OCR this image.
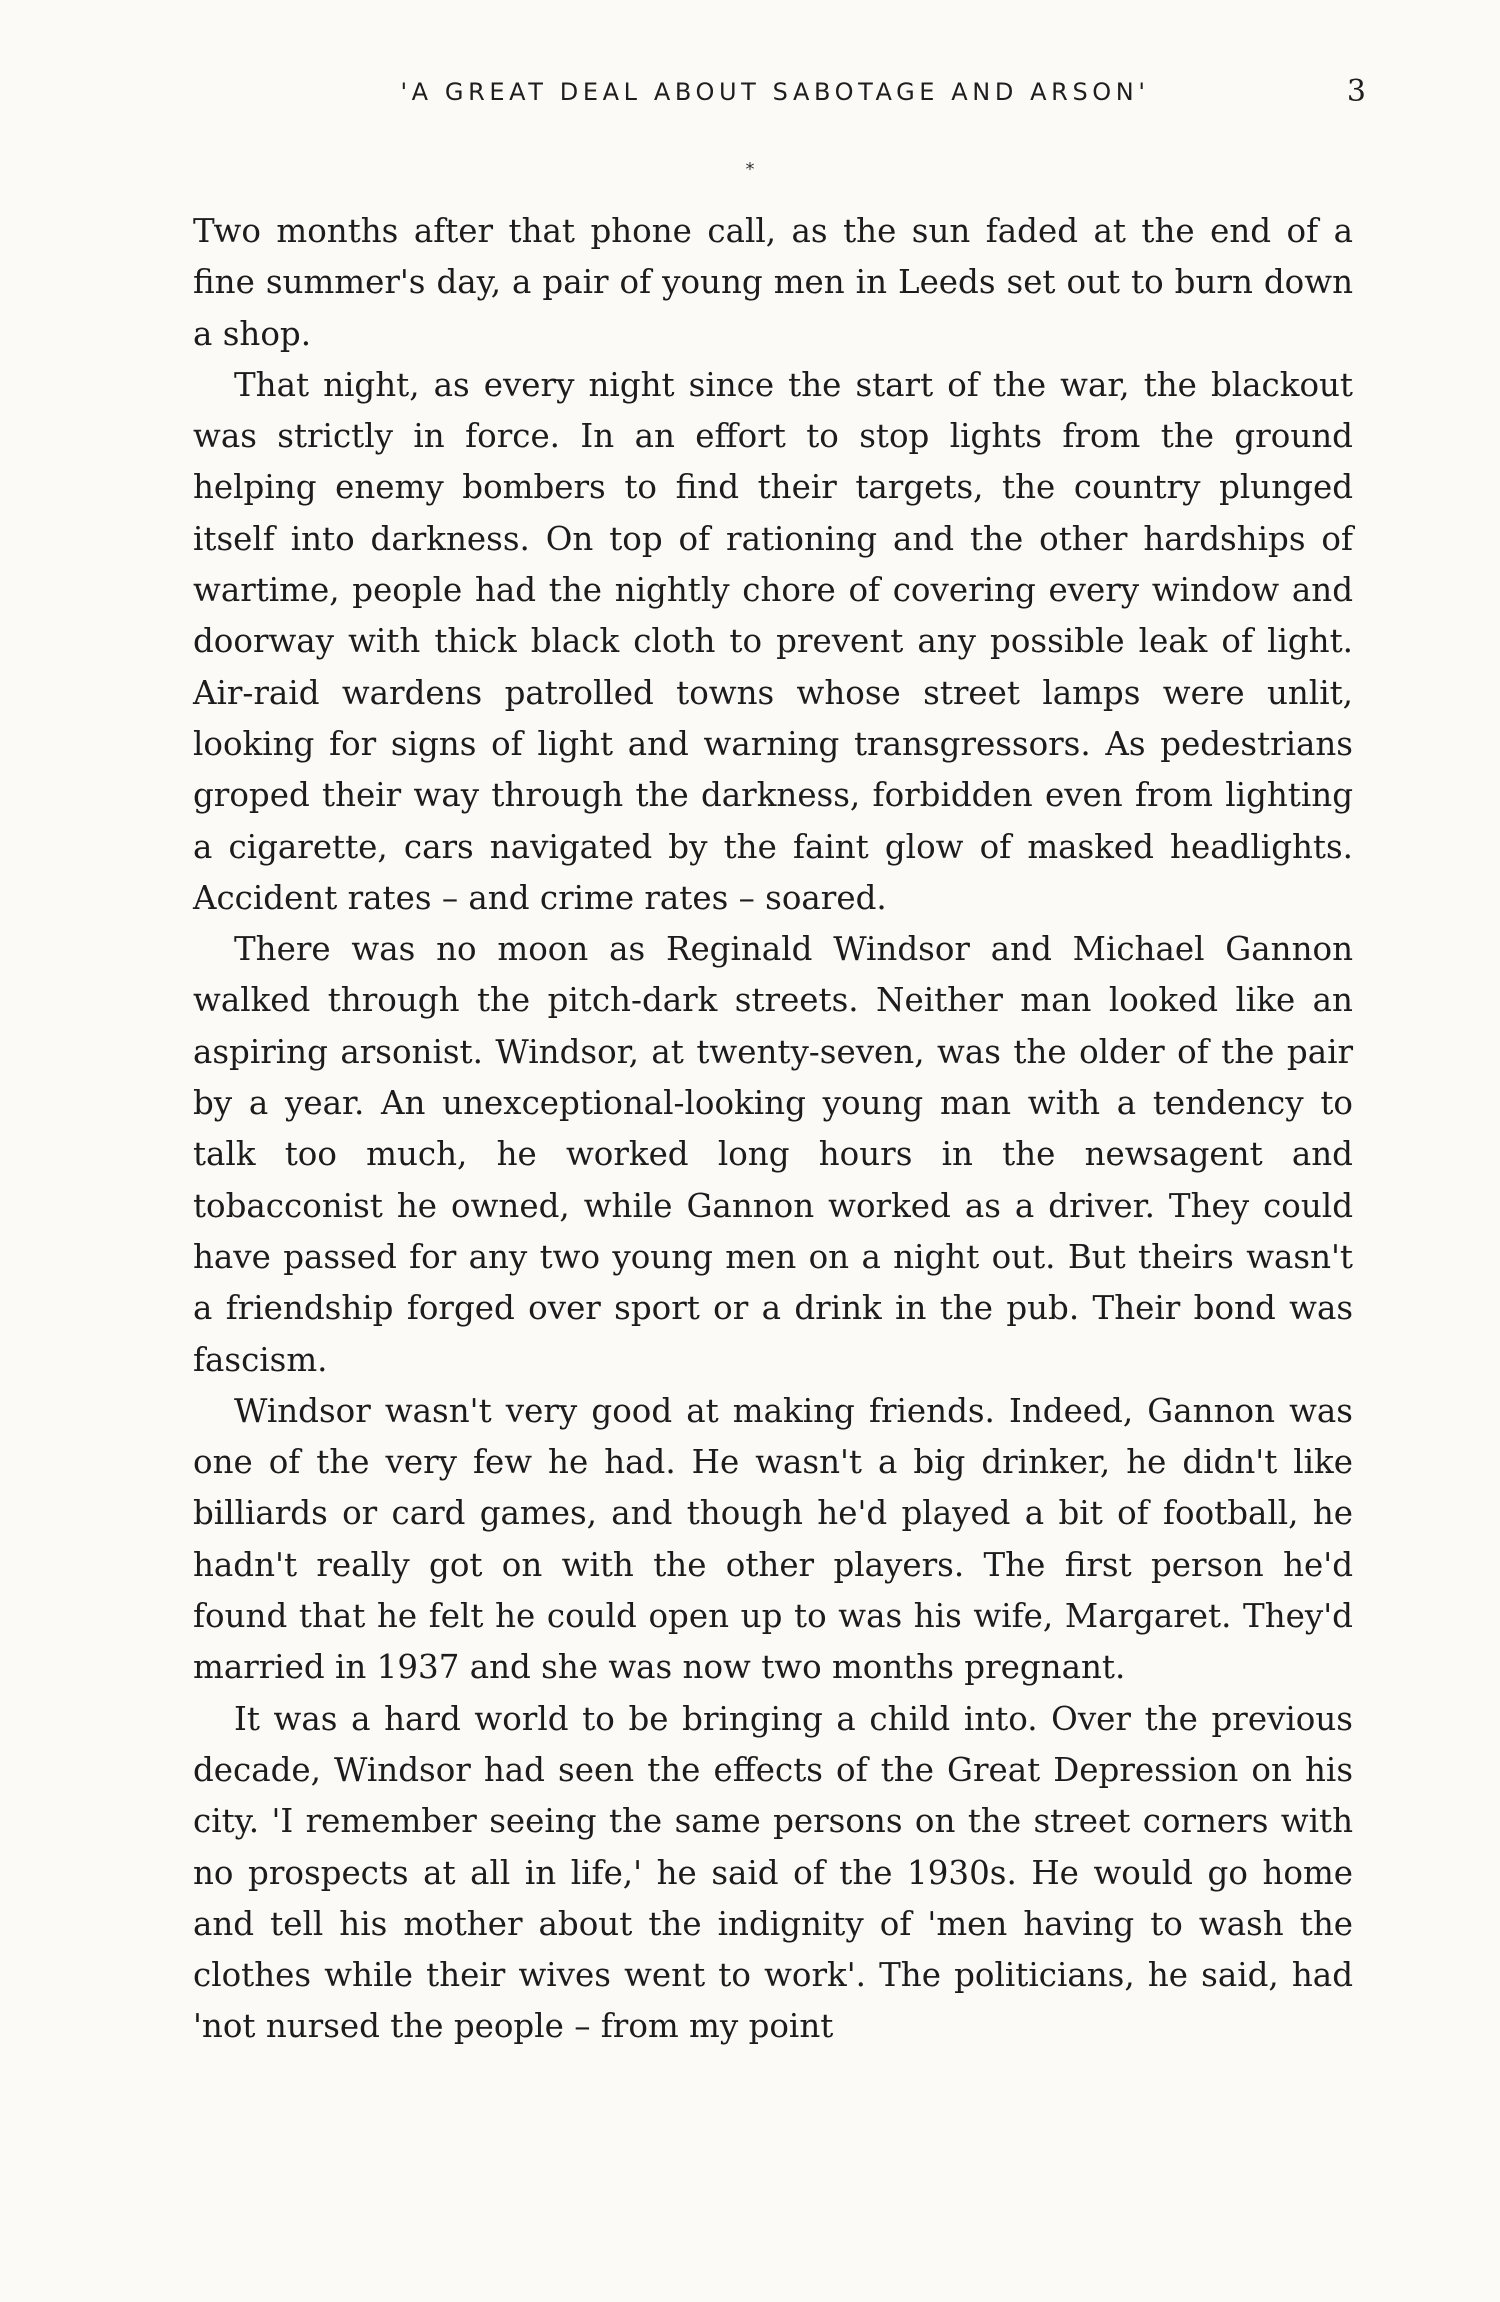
'A GREAT DEAL ABOUT SABOTAGE AND ARSON'	3
*

Two months after that phone call, as the sun faded at the end of a fine summer's day, a pair of young men in Leeds set out to burn down a shop.

That night, as every night since the start of the war, the blackout was strictly in force. In an effort to stop lights from the ground helping enemy bombers to find their targets, the country plunged itself into darkness. On top of rationing and the other hardships of wartime, people had the nightly chore of covering every window and doorway with thick black cloth to prevent any possible leak of light. Air-raid wardens patrolled towns whose street lamps were unlit, looking for signs of light and warning transgressors. As pedestrians groped their way through the darkness, forbidden even from lighting a cigarette, cars navigated by the faint glow of masked headlights. Accident rates – and crime rates – soared.

There was no moon as Reginald Windsor and Michael Gannon walked through the pitch-dark streets. Neither man looked like an aspiring arsonist. Windsor, at twenty-seven, was the older of the pair by a year. An unexceptional-looking young man with a tendency to talk too much, he worked long hours in the newsagent and tobacconist he owned, while Gannon worked as a driver. They could have passed for any two young men on a night out. But theirs wasn't a friendship forged over sport or a drink in the pub. Their bond was fascism.

Windsor wasn't very good at making friends. Indeed, Gannon was one of the very few he had. He wasn't a big drinker, he didn't like billiards or card games, and though he'd played a bit of football, he hadn't really got on with the other players. The first person he'd found that he felt he could open up to was his wife, Margaret. They'd married in 1937 and she was now two months pregnant.

It was a hard world to be bringing a child into. Over the previous decade, Windsor had seen the effects of the Great Depression on his city. 'I remember seeing the same persons on the street corners with no prospects at all in life,' he said of the 1930s. He would go home and tell his mother about the indignity of 'men having to wash the clothes while their wives went to work'. The politicians, he said, had 'not nursed the people – from my point
